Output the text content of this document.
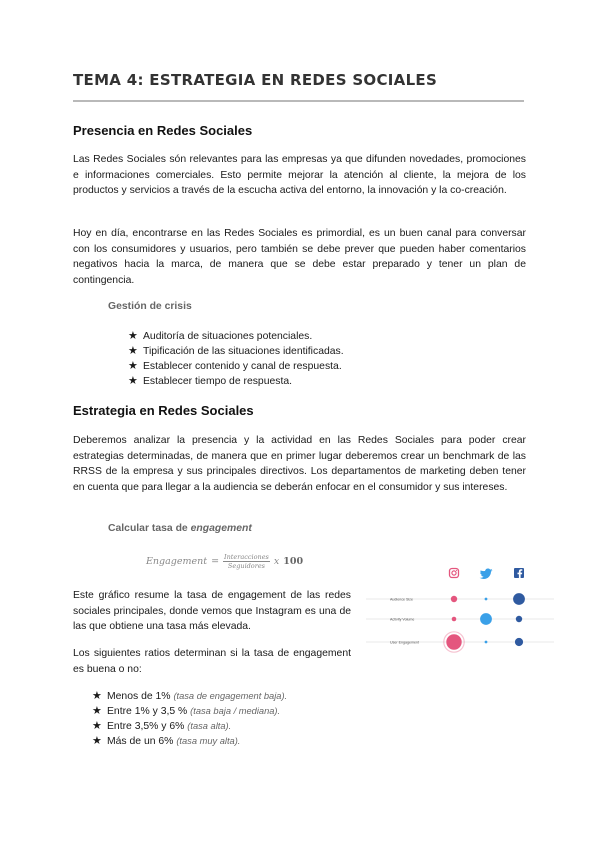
TEMA 4: ESTRATEGIA EN REDES SOCIALES
Presencia en Redes Sociales

Las Redes Sociales són relevantes para las empresas ya que difunden novedades, promociones e informaciones comerciales. Esto permite mejorar la atención al cliente, la mejora de los productos y servicios a través de la escucha activa del entorno, la innovación y la co-creación.

Hoy en día, encontrarse en las Redes Sociales es primordial, es un buen canal para conversar con los consumidores y usuarios, pero también se debe prever que pueden haber comentarios negativos hacia la marca, de manera que se debe estar preparado y tener un plan de contingencia.

Gestión de crisis
★ Auditoría de situaciones potenciales.
★ Tipificación de las situaciones identificadas.
★ Establecer contenido y canal de respuesta.
★ Establecer tiempo de respuesta.
Estrategia en Redes Sociales

Deberemos analizar la presencia y la actividad en las Redes Sociales para poder crear estrategias determinadas, de manera que en primer lugar deberemos crear un benchmark de las RRSS de la empresa y sus principales directivos. Los departamentos de marketing deben tener en cuenta que para llegar a la audiencia se deberán enfocar en el consumidor y sus intereses.

Calcular tasa de engagement
Engagement = $\frac{\text{Interacciones}}{\text{Seguidores}}$ x 100

Este gráfico resume la tasa de engagement de las redes sociales principales, donde vemos que Instagram es una de las que obtiene una tasa más elevada.

Los siguientes ratios determinan si la tasa de engagement es buena o no:

★ Menos de 1% (tasa de engagement baja).
★ Entre 1% y 3,5 % (tasa baja / mediana).
★ Entre 3,5% y 6% (tasa alta).
★ Más de un 6% (tasa muy alta).
Audience Size
Activity Volume
User Engagement
